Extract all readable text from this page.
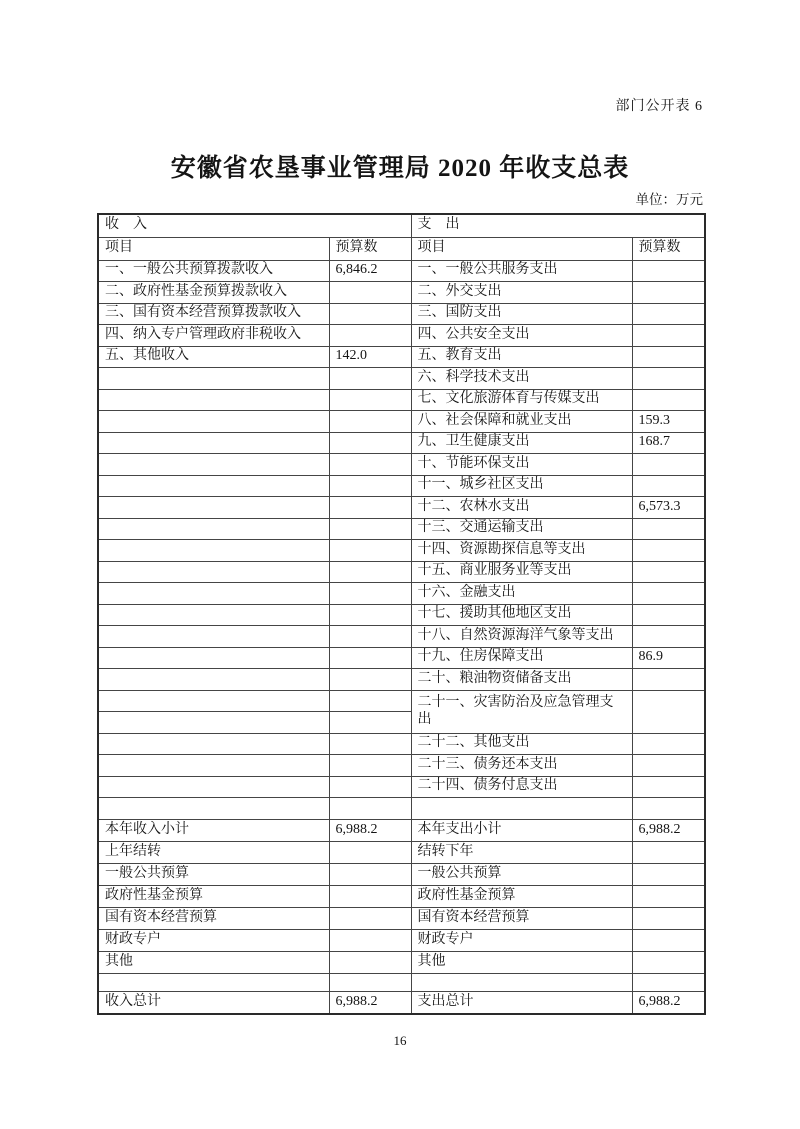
部门公开表 6
安徽省农垦事业管理局 2020 年收支总表
单位：万元
收　入		支　出	
项目	预算数	项目	预算数
一、一般公共预算拨款收入	6,846.2	一、一般公共服务支出	
二、政府性基金预算拨款收入		二、外交支出	
三、国有资本经营预算拨款收入		三、国防支出	
四、纳入专户管理政府非税收入		四、公共安全支出	
五、其他收入	142.0	五、教育支出	
		六、科学技术支出	
		七、文化旅游体育与传媒支出	
		八、社会保障和就业支出	159.3
		九、卫生健康支出	168.7
		十、节能环保支出	
		十一、城乡社区支出	
		十二、农林水支出	6,573.3
		十三、交通运输支出	
		十四、资源勘探信息等支出	
		十五、商业服务业等支出	
		十六、金融支出	
		十七、援助其他地区支出	
		十八、自然资源海洋气象等支出	
		十九、住房保障支出	86.9
		二十、粮油物资储备支出	
		二十一、灾害防治及应急管理支出	

		二十二、其他支出	
		二十三、债务还本支出	
		二十四、债务付息支出	

本年收入小计	6,988.2	本年支出小计	6,988.2
上年结转		结转下年	
一般公共预算		一般公共预算	
政府性基金预算		政府性基金预算	
国有资本经营预算		国有资本经营预算	
财政专户		财政专户	
其他		其他	

收入总计	6,988.2	支出总计	6,988.2
16
